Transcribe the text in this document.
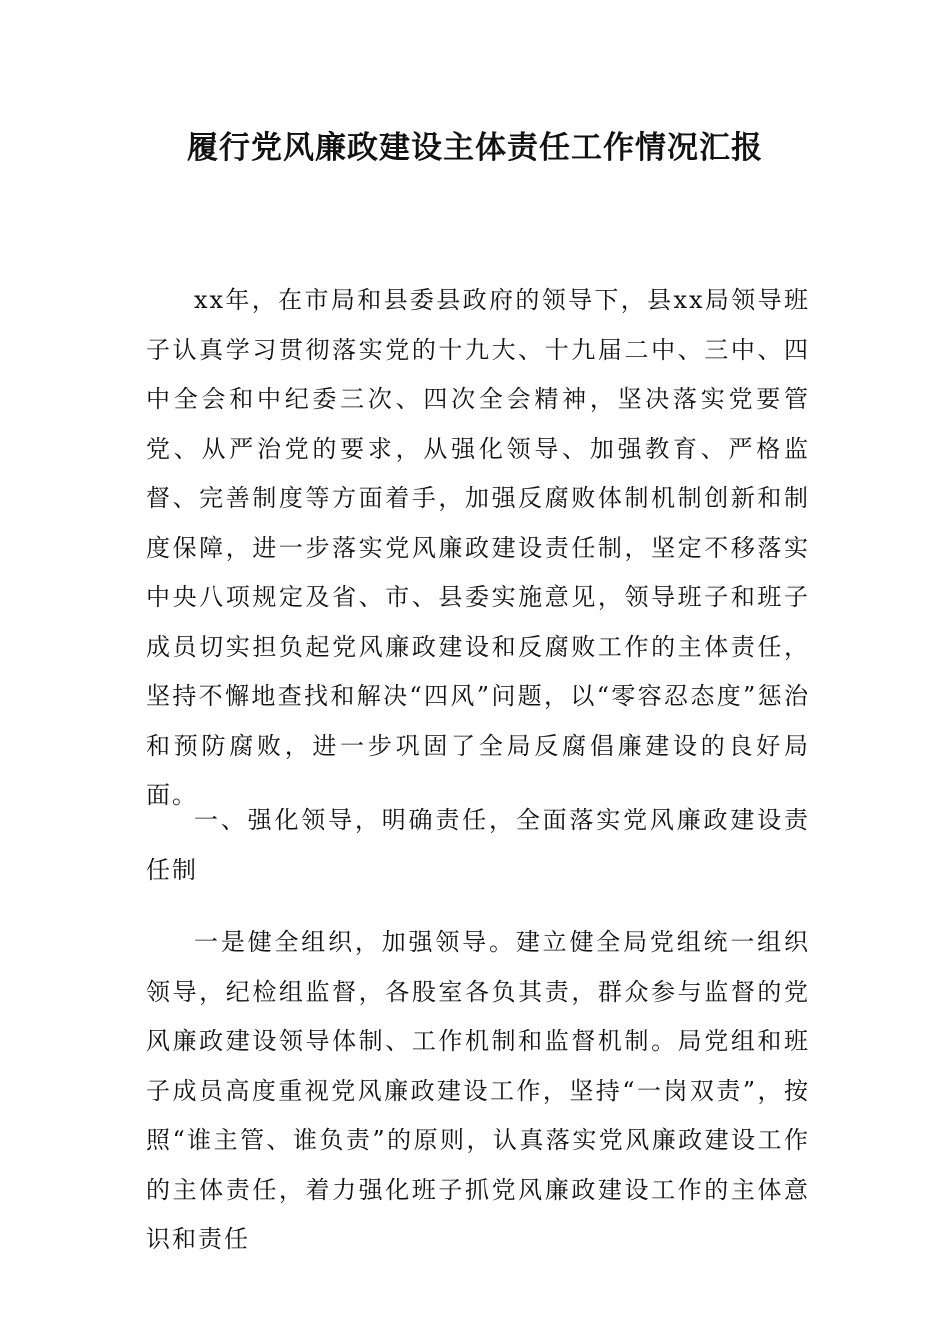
履行党风廉政建设主体责任工作情况汇报

xx年，在市局和县委县政府的领导下，县xx局领导班子认真学习贯彻落实党的十九大、十九届二中、三中、四中全会和中纪委三次、四次全会精神，坚决落实党要管党、从严治党的要求，从强化领导、加强教育、严格监督、完善制度等方面着手，加强反腐败体制机制创新和制度保障，进一步落实党风廉政建设责任制，坚定不移落实中央八项规定及省、市、县委实施意见，领导班子和班子成员切实担负起党风廉政建设和反腐败工作的主体责任，坚持不懈地查找和解决“四风”问题，以“零容忍态度”惩治和预防腐败，进一步巩固了全局反腐倡廉建设的良好局面。

一、强化领导，明确责任，全面落实党风廉政建设责任制

一是健全组织，加强领导。建立健全局党组统一组织领导，纪检组监督，各股室各负其责，群众参与监督的党风廉政建设领导体制、工作机制和监督机制。局党组和班子成员高度重视党风廉政建设工作，坚持“一岗双责”，按照“谁主管、谁负责”的原则，认真落实党风廉政建设工作的主体责任，着力强化班子抓党风廉政建设工作的主体意识和责任
